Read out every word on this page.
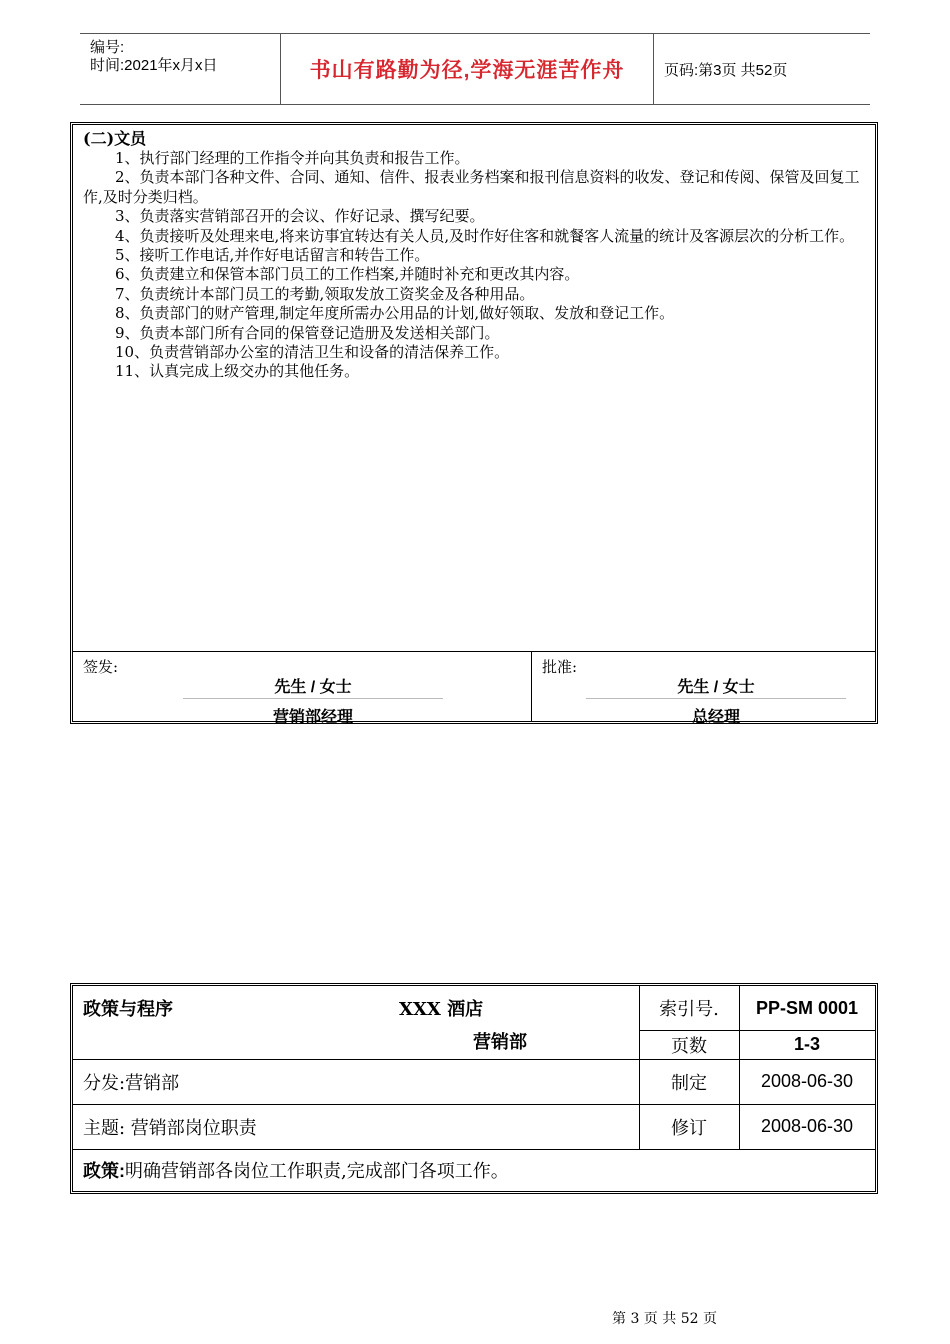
编号:
时间:2021年x月x日	书山有路勤为径,学海无涯苦作舟	页码:第3页 共52页
(二)文员

1、执行部门经理的工作指令并向其负责和报告工作。

2、负责本部门各种文件、合同、通知、信件、报表业务档案和报刊信息资料的收发、登记和传阅、保管及回复工作,及时分类归档。

3、负责落实营销部召开的会议、作好记录、撰写纪要。

4、负责接听及处理来电,将来访事宜转达有关人员,及时作好住客和就餐客人流量的统计及客源层次的分析工作。

5、接听工作电话,并作好电话留言和转告工作。

6、负责建立和保管本部门员工的工作档案,并随时补充和更改其内容。

7、负责统计本部门员工的考勤,领取发放工资奖金及各种用品。

8、负责部门的财产管理,制定年度所需办公用品的计划,做好领取、发放和登记工作。

9、负责本部门所有合同的保管登记造册及发送相关部门。

10、负责营销部办公室的清洁卫生和设备的清洁保养工作。

11、认真完成上级交办的其他任务。

签发:
先生 / 女士
营销部经理
批准:
先生 / 女士
总经理
政策与程序	XXX 酒店
营销部
索引号.	PP-SM 0001
页数	1-3
分发:营销部	制定	2008-06-30
主题: 营销部岗位职责	修订	2008-06-30
政策: 明确营销部各岗位工作职责,完成部门各项工作。
第 3 页 共 52 页
